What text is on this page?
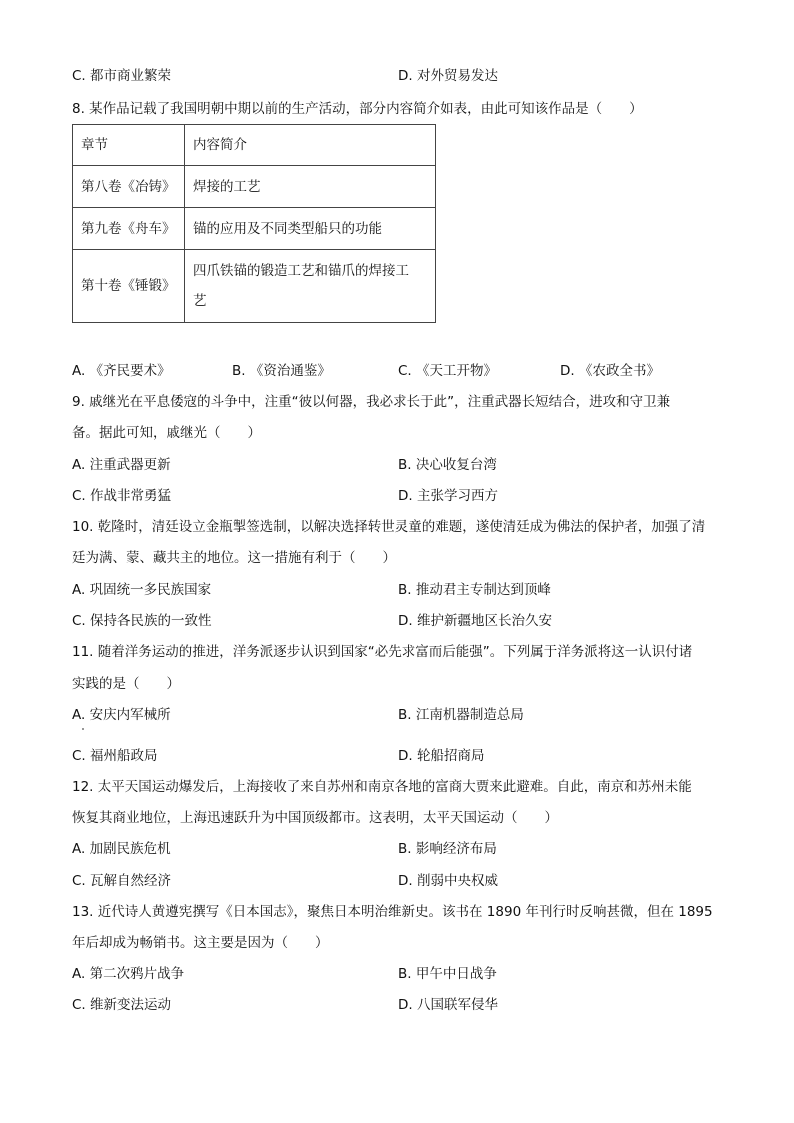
C. 都市商业繁荣	D. 对外贸易发达
8. 某作品记载了我国明朝中期以前的生产活动，部分内容简介如表，由此可知该作品是（　　）
章节	内容简介
第八卷《冶铸》	焊接的工艺
第九卷《舟车》	锚的应用及不同类型船只的功能
第十卷《锤锻》	四爪铁锚的锻造工艺和锚爪的焊接工
艺
A. 《齐民要术》	B. 《资治通鉴》	C. 《天工开物》	D. 《农政全书》
9. 戚继光在平息倭寇的斗争中，注重“彼以何器，我必求长于此”，注重武器长短结合，进攻和守卫兼
备。据此可知，戚继光（　　）
A. 注重武器更新	B. 决心收复台湾
C. 作战非常勇猛	D. 主张学习西方
10. 乾隆时，清廷设立金瓶掣签选制，以解决选择转世灵童的难题，遂使清廷成为佛法的保护者，加强了清
廷为满、蒙、藏共主的地位。这一措施有利于（　　）
A. 巩固统一多民族国家	B. 推动君主专制达到顶峰
C. 保持各民族的一致性	D. 维护新疆地区长治久安
11. 随着洋务运动的推进，洋务派逐步认识到国家“必先求富而后能强”。下列属于洋务派将这一认识付诸
实践的是（　　）
A. 安庆内军械所	B. 江南机器制造总局
C. 福州船政局	D. 轮船招商局
12. 太平天国运动爆发后，上海接收了来自苏州和南京各地的富商大贾来此避难。自此，南京和苏州未能
恢复其商业地位，上海迅速跃升为中国顶级都市。这表明，太平天国运动（　　）
A. 加剧民族危机	B. 影响经济布局
C. 瓦解自然经济	D. 削弱中央权威
13. 近代诗人黄遵宪撰写《日本国志》，聚焦日本明治维新史。该书在 1890 年刊行时反响甚微，但在 1895
年后却成为畅销书。这主要是因为（　　）
A. 第二次鸦片战争	B. 甲午中日战争
C. 维新变法运动	D. 八国联军侵华
